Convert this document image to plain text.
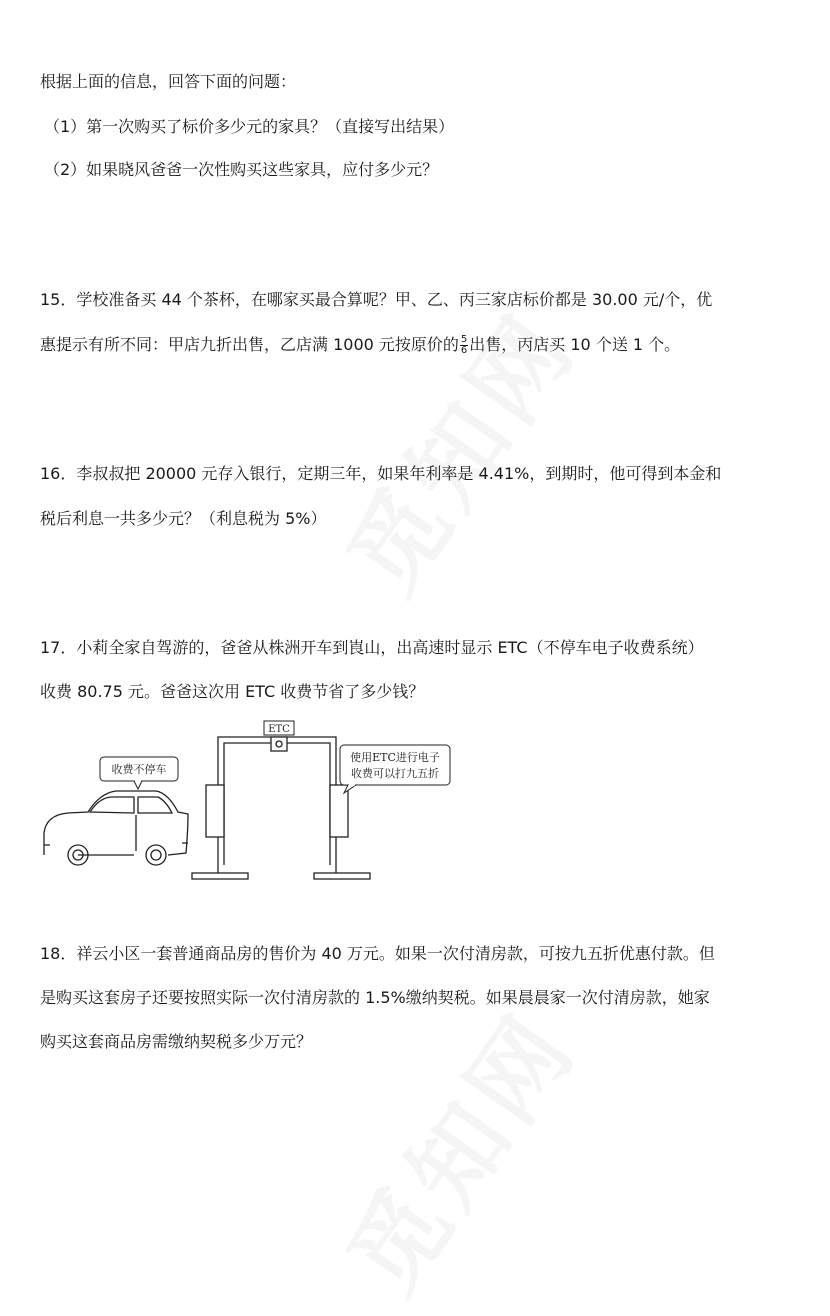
根据上面的信息，回答下面的问题：
（1）第一次购买了标价多少元的家具？（直接写出结果）
（2）如果晓风爸爸一次性购买这些家具，应付多少元？
15．学校准备买 44 个茶杯，在哪家买最合算呢？甲、乙、丙三家店标价都是 30.00 元/个，优
惠提示有所不同：甲店九折出售，乙店满 1000 元按原价的 $\frac{5}{6}$ 出售，丙店买 10 个送 1 个。
16．李叔叔把 20000 元存入银行，定期三年，如果年利率是 4.41%，到期时，他可得到本金和
税后利息一共多少元？（利息税为 5%）
17．小莉全家自驾游的，爸爸从株洲开车到崀山，出高速时显示 ETC（不停车电子收费系统）
收费 80.75 元。爸爸这次用 ETC 收费节省了多少钱？
收费不停车
ETC
使用ETC进行电子
收费可以打九五折
18．祥云小区一套普通商品房的售价为 40 万元。如果一次付清房款，可按九五折优惠付款。但
是购买这套房子还要按照实际一次付清房款的 1.5%缴纳契税。如果晨晨家一次付清房款，她家
购买这套商品房需缴纳契税多少万元？
